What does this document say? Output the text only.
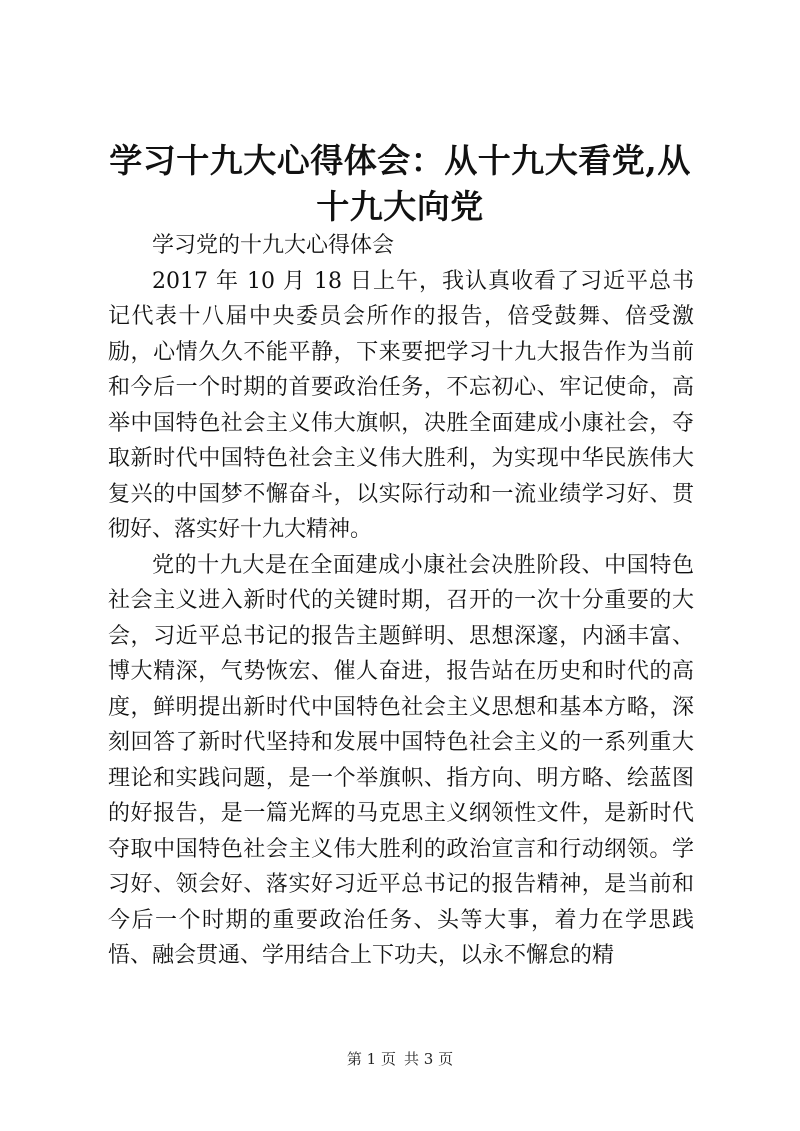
学习十九大心得体会：从十九大看党,从十九大向党

学习党的十九大心得体会

2017 年 10 月 18 日上午，我认真收看了习近平总书记代表十八届中央委员会所作的报告，倍受鼓舞、倍受激励，心情久久不能平静，下来要把学习十九大报告作为当前和今后一个时期的首要政治任务，不忘初心、牢记使命，高举中国特色社会主义伟大旗帜，决胜全面建成小康社会，夺取新时代中国特色社会主义伟大胜利，为实现中华民族伟大复兴的中国梦不懈奋斗，以实际行动和一流业绩学习好、贯彻好、落实好十九大精神。

党的十九大是在全面建成小康社会决胜阶段、中国特色社会主义进入新时代的关键时期，召开的一次十分重要的大会，习近平总书记的报告主题鲜明、思想深邃，内涵丰富、博大精深，气势恢宏、催人奋进，报告站在历史和时代的高度，鲜明提出新时代中国特色社会主义思想和基本方略，深刻回答了新时代坚持和发展中国特色社会主义的一系列重大理论和实践问题，是一个举旗帜、指方向、明方略、绘蓝图的好报告，是一篇光辉的马克思主义纲领性文件，是新时代夺取中国特色社会主义伟大胜利的政治宣言和行动纲领。学习好、领会好、落实好习近平总书记的报告精神，是当前和今后一个时期的重要政治任务、头等大事，着力在学思践悟、融会贯通、学用结合上下功夫，以永不懈怠的精

第 1 页 共 3 页
